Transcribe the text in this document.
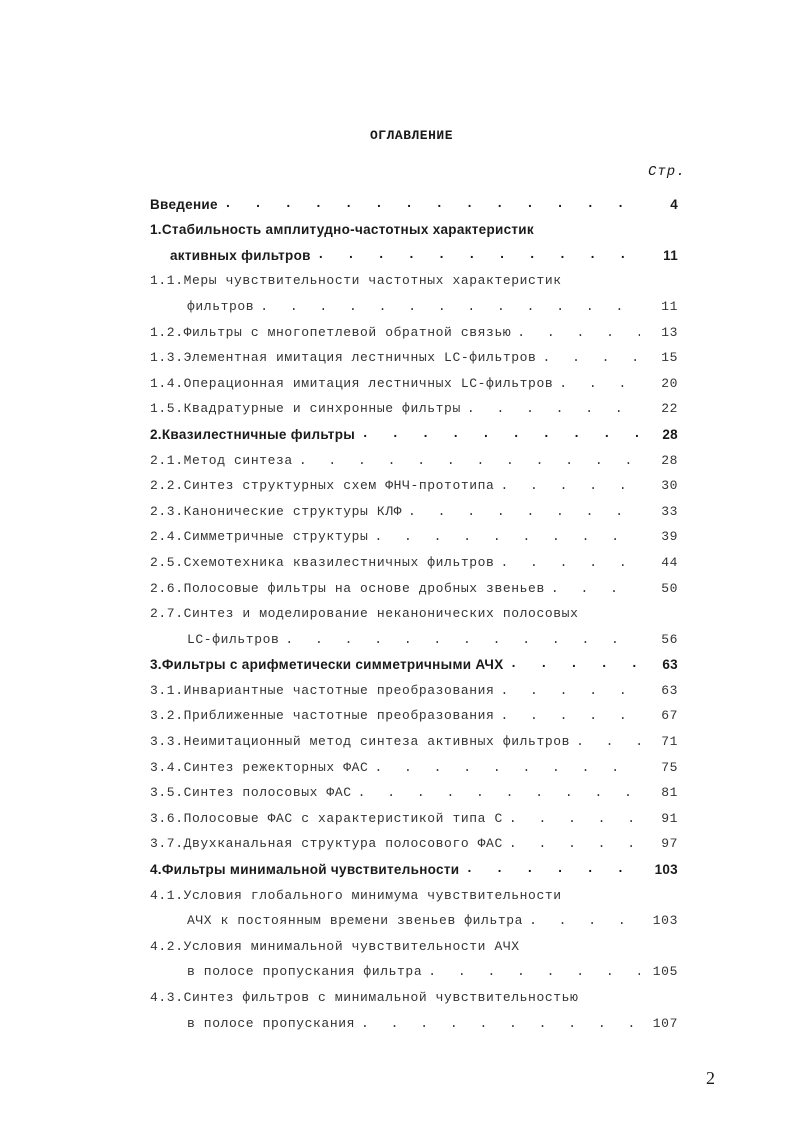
ОГЛАВЛЕНИЕ
Стр.
Введение . . .	4
1.Стабильность амплитудно-частотных характеристик
активных фильтров . . .	11
1.1.Меры чувствительности частотных характеристик
фильтров . . .	11
1.2.Фильтры с многопетлевой обратной связью . . .	13
1.3.Элементная имитация лестничных LC-фильтров . . .	15
1.4.Операционная имитация лестничных LC-фильтров . . .	20
1.5.Квадратурные и синхронные фильтры . . .	22
2.Квазилестничные фильтры . . .	28
2.1.Метод синтеза . . .	28
2.2.Синтез структурных схем ФНЧ-прототипа . . .	30
2.3.Канонические структуры КЛФ . . .	33
2.4.Симметричные структуры . . .	39
2.5.Схемотехника квазилестничных фильтров . . .	44
2.6.Полосовые фильтры на основе дробных звеньев . . .	50
2.7.Синтез и моделирование неканонических полосовых
LC-фильтров . . .	56
3.Фильтры с арифметически симметричными АЧХ . . .	63
3.1.Инвариантные частотные преобразования . . .	63
3.2.Приближенные частотные преобразования . . .	67
3.3.Неимитационный метод синтеза активных фильтров . . .	71
3.4.Синтез режекторных ФАС . . .	75
3.5.Синтез полосовых ФАС . . .	81
3.6.Полосовые ФАС с характеристикой типа С . . .	91
3.7.Двухканальная структура полосового ФАС . . .	97
4.Фильтры минимальной чувствительности . . .	103
4.1.Условия глобального минимума чувствительности
АЧХ к постоянным времени звеньев фильтра . . .	103
4.2.Условия минимальной чувствительности АЧХ
в полосе пропускания фильтра . . .	105
4.3.Синтез фильтров с минимальной чувствительностью
в полосе пропускания . . .	107
2
